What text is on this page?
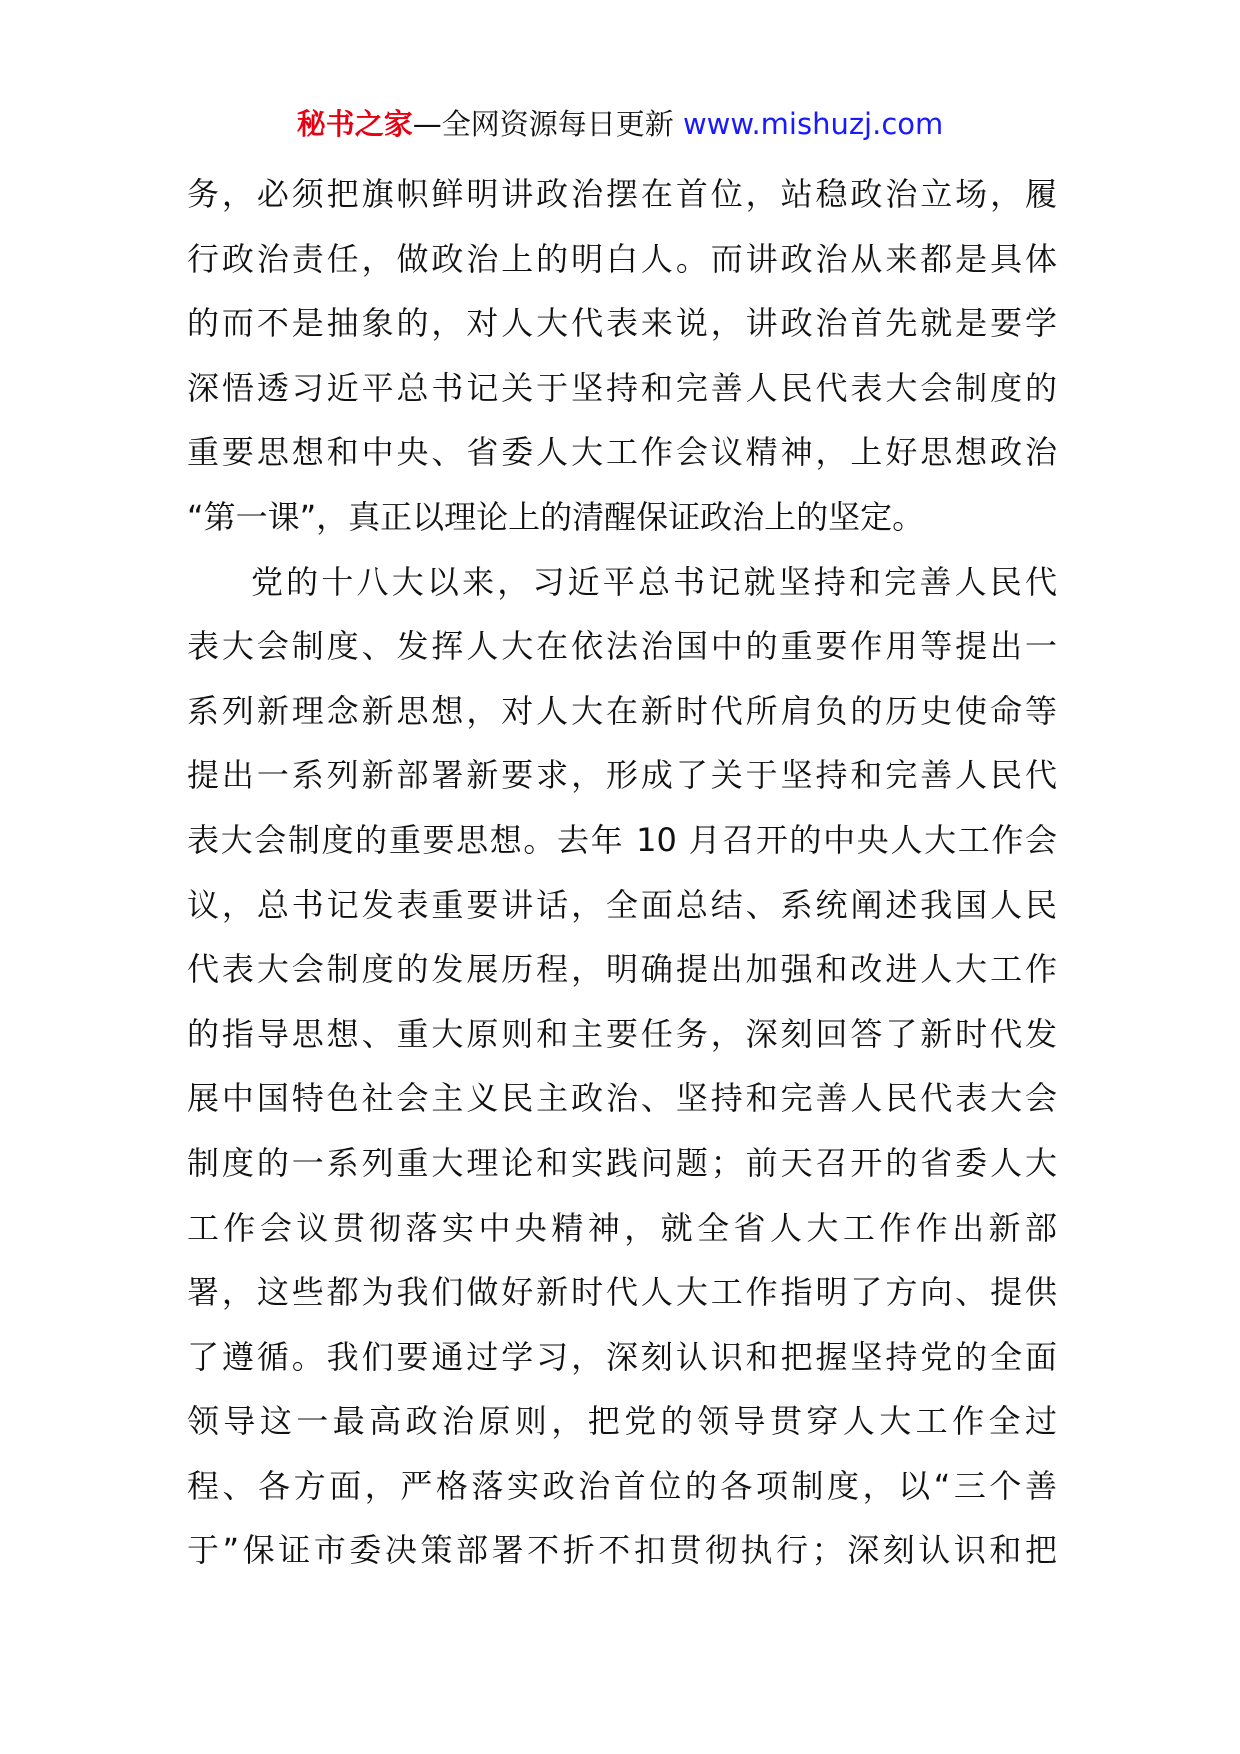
秘书之家—全网资源每日更新 www.mishuzj.com
务，必须把旗帜鲜明讲政治摆在首位，站稳政治立场，履
行政治责任，做政治上的明白人。而讲政治从来都是具体
的而不是抽象的，对人大代表来说，讲政治首先就是要学
深悟透习近平总书记关于坚持和完善人民代表大会制度的
重要思想和中央、省委人大工作会议精神，上好思想政治
“第一课”，真正以理论上的清醒保证政治上的坚定。
党的十八大以来，习近平总书记就坚持和完善人民代
表大会制度、发挥人大在依法治国中的重要作用等提出一
系列新理念新思想，对人大在新时代所肩负的历史使命等
提出一系列新部署新要求，形成了关于坚持和完善人民代
表大会制度的重要思想。去年 10 月召开的中央人大工作会
议，总书记发表重要讲话，全面总结、系统阐述我国人民
代表大会制度的发展历程，明确提出加强和改进人大工作
的指导思想、重大原则和主要任务，深刻回答了新时代发
展中国特色社会主义民主政治、坚持和完善人民代表大会
制度的一系列重大理论和实践问题；前天召开的省委人大
工作会议贯彻落实中央精神，就全省人大工作作出新部
署，这些都为我们做好新时代人大工作指明了方向、提供
了遵循。我们要通过学习，深刻认识和把握坚持党的全面
领导这一最高政治原则，把党的领导贯穿人大工作全过
程、各方面，严格落实政治首位的各项制度，以“三个善
于”保证市委决策部署不折不扣贯彻执行；深刻认识和把
